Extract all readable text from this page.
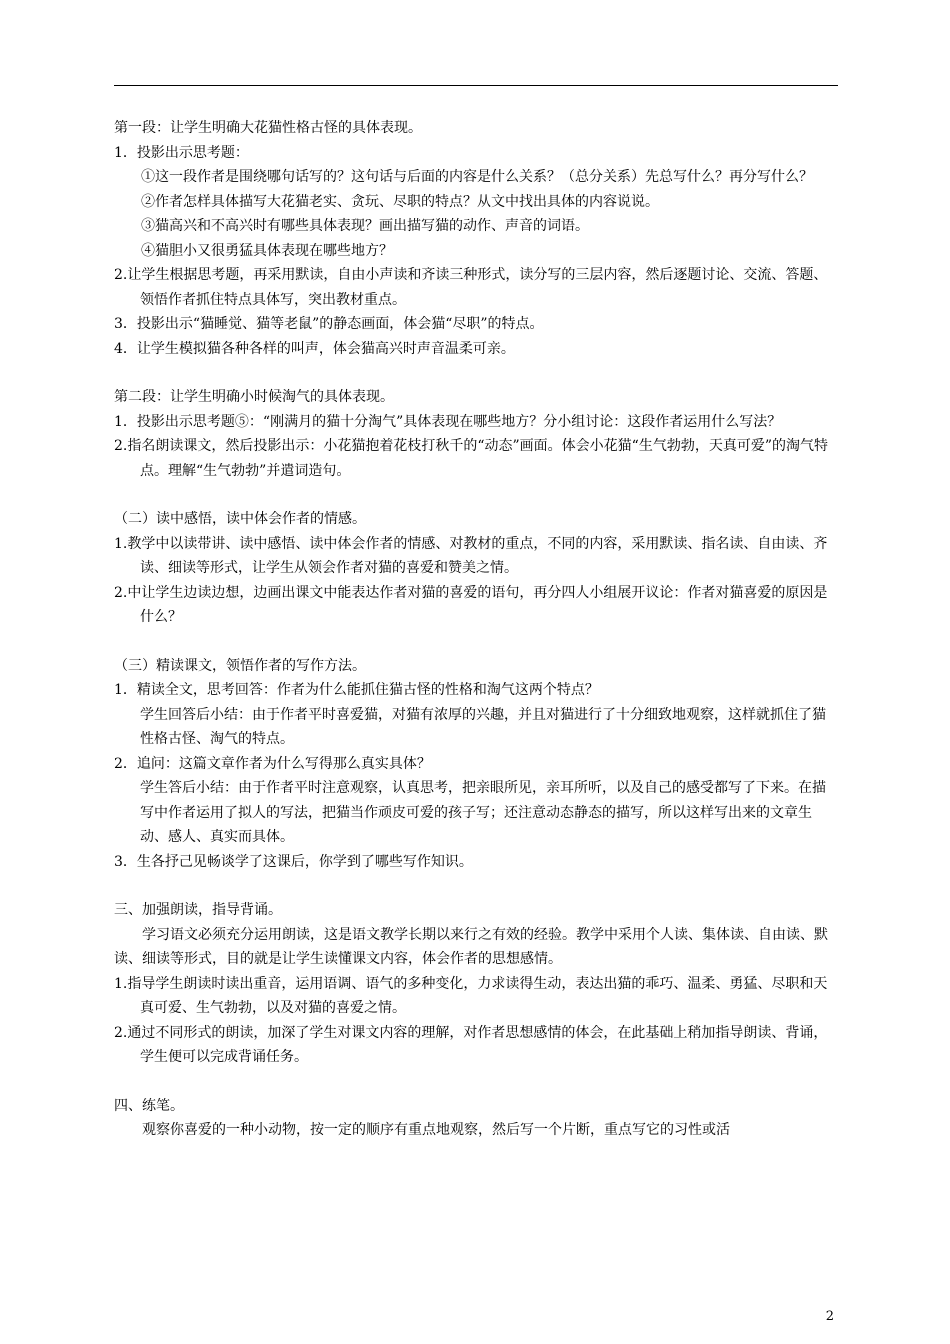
第一段：让学生明确大花猫性格古怪的具体表现。

1．投影出示思考题：

①这一段作者是围绕哪句话写的？这句话与后面的内容是什么关系？（总分关系）先总写什么？再分写什么？

②作者怎样具体描写大花猫老实、贪玩、尽职的特点？从文中找出具体的内容说说。

③猫高兴和不高兴时有哪些具体表现？画出描写猫的动作、声音的词语。

④猫胆小又很勇猛具体表现在哪些地方？

2.让学生根据思考题，再采用默读，自由小声读和齐读三种形式，读分写的三层内容，然后逐题讨论、交流、答题、领悟作者抓住特点具体写，突出教材重点。

3．投影出示“猫睡觉、猫等老鼠”的静态画面，体会猫“尽职”的特点。

4．让学生模拟猫各种各样的叫声，体会猫高兴时声音温柔可亲。

第二段：让学生明确小时候淘气的具体表现。

1．投影出示思考题⑤：“刚满月的猫十分淘气”具体表现在哪些地方？分小组讨论：这段作者运用什么写法？

2.指名朗读课文，然后投影出示：小花猫抱着花枝打秋千的“动态”画面。体会小花猫“生气勃勃，天真可爱”的淘气特点。理解“生气勃勃”并遣词造句。

（二）读中感悟，读中体会作者的情感。

1.教学中以读带讲、读中感悟、读中体会作者的情感、对教材的重点，不同的内容，采用默读、指名读、自由读、齐读、细读等形式，让学生从领会作者对猫的喜爱和赞美之情。

2.中让学生边读边想，边画出课文中能表达作者对猫的喜爱的语句，再分四人小组展开议论：作者对猫喜爱的原因是什么？

（三）精读课文，领悟作者的写作方法。

1．精读全文，思考回答：作者为什么能抓住猫古怪的性格和淘气这两个特点？

学生回答后小结：由于作者平时喜爱猫，对猫有浓厚的兴趣，并且对猫进行了十分细致地观察，这样就抓住了猫性格古怪、淘气的特点。

2．追问：这篇文章作者为什么写得那么真实具体？

学生答后小结：由于作者平时注意观察，认真思考，把亲眼所见，亲耳所听，以及自己的感受都写了下来。在描写中作者运用了拟人的写法，把猫当作顽皮可爱的孩子写；还注意动态静态的描写，所以这样写出来的文章生动、感人、真实而具体。

3．生各抒己见畅谈学了这课后，你学到了哪些写作知识。

三、加强朗读，指导背诵。

学习语文必须充分运用朗读，这是语文教学长期以来行之有效的经验。教学中采用个人读、集体读、自由读、默读、细读等形式，目的就是让学生读懂课文内容，体会作者的思想感情。

1.指导学生朗读时读出重音，运用语调、语气的多种变化，力求读得生动，表达出猫的乖巧、温柔、勇猛、尽职和天真可爱、生气勃勃，以及对猫的喜爱之情。

2.通过不同形式的朗读，加深了学生对课文内容的理解，对作者思想感情的体会，在此基础上稍加指导朗读、背诵，学生便可以完成背诵任务。

四、练笔。

观察你喜爱的一种小动物，按一定的顺序有重点地观察，然后写一个片断，重点写它的习性或活

2
